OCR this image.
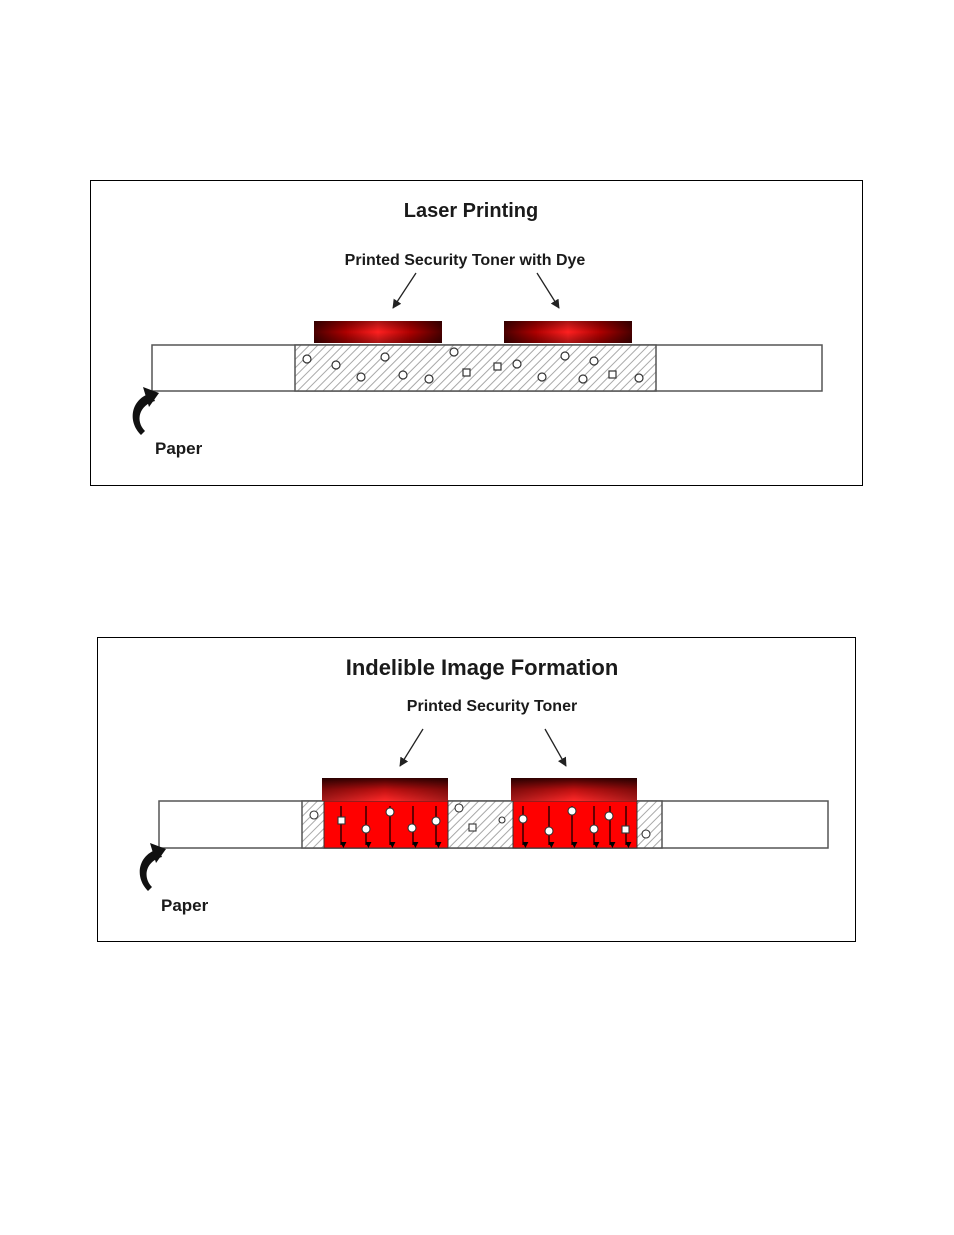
Laser Printing
Printed Security Toner with Dye
Paper
Indelible Image Formation
Printed Security Toner
Paper
